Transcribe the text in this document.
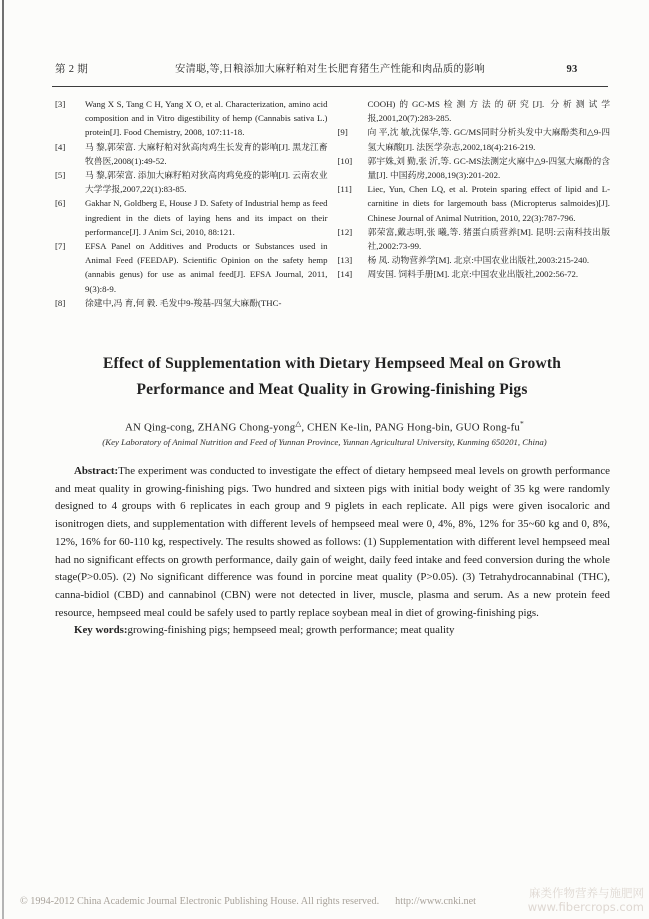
第 2 期	安清聪,等,日粮添加大麻籽粕对生长肥育猪生产性能和肉品质的影响	93
[3] Wang X S, Tang C H, Yang X O, et al. Characterization, amino acid composition and in Vitro digestibility of hemp (Cannabis sativa L.) protein[J]. Food Chemistry, 2008, 107:11-18.
[4] 马 黎,郭荣富. 大麻籽粕对狄高肉鸡生长发育的影响[J]. 黑龙江畜牧兽医,2008(1):49-52.
[5] 马 黎,郭荣富. 添加大麻籽粕对狄高肉鸡免疫的影响[J]. 云南农业大学学报,2007,22(1):83-85.
[6] Gakhar N, Goldberg E, House J D. Safety of Industrial hemp as feed ingredient in the diets of laying hens and its impact on their performance[J]. J Anim Sci, 2010, 88:121.
[7] EFSA Panel on Additives and Products or Substances used in Animal Feed (FEEDAP). Scientific Opinion on the safety hemp (annabis genus) for use as animal feed[J]. EFSA Journal, 2011, 9(3):8-9.
[8] 徐建中,冯 育,何 毅. 毛发中9-羧基-四氢大麻酚(THC-
COOH)的GC-MS检测方法的研究[J]. 分析测试学报,2001,20(7):283-285.
[9] 向 平,沈 敏,沈保华,等. GC/MS同时分析头发中大麻酚类和△9-四氢大麻酸[J]. 法医学杂志,2002,18(4):216-219.
[10] 郭宇姝,刘 勤,张 沂,等. GC-MS法测定火麻中△9-四氢大麻酚的含量[J]. 中国药房,2008,19(3):201-202.
[11] Liec, Yun, Chen LQ, et al. Protein sparing effect of lipid and L-carnitine in diets for largemouth bass (Micropterus salmoides)[J]. Chinese Journal of Animal Nutrition, 2010, 22(3):787-796.
[12] 郭荣富,戴志明,张 曦,等. 猪蛋白质营养[M]. 昆明:云南科技出版社,2002:73-99.
[13] 杨 凤. 动物营养学[M]. 北京:中国农业出版社,2003:215-240.
[14] 周安国. 饲料手册[M]. 北京:中国农业出版社,2002:56-72.
Effect of Supplementation with Dietary Hempseed Meal on Growth
Performance and Meat Quality in Growing-finishing Pigs
AN Qing-cong, ZHANG Chong-yong△, CHEN Ke-lin, PANG Hong-bin, GUO Rong-fu*
(Key Laboratory of Animal Nutrition and Feed of Yunnan Province, Yunnan Agricultural University, Kunming 650201, China)

Abstract:The experiment was conducted to investigate the effect of dietary hempseed meal levels on growth performance and meat quality in growing-finishing pigs. Two hundred and sixteen pigs with initial body weight of 35 kg were randomly designed to 4 groups with 6 replicates in each group and 9 piglets in each replicate. All pigs were given isocaloric and isonitrogen diets, and supplementation with different levels of hempseed meal were 0, 4%, 8%, 12% for 35~60 kg and 0, 8%, 12%, 16% for 60-110 kg, respectively. The results showed as follows: (1) Supplementation with different level hempseed meal had no significant effects on growth performance, daily gain of weight, daily feed intake and feed conversion during the whole stage(P>0.05). (2) No significant difference was found in porcine meat quality (P>0.05). (3) Tetrahydrocannabinal (THC), canna-bidiol (CBD) and cannabinol (CBN) were not detected in liver, muscle, plasma and serum. As a new protein feed resource, hempseed meal could be safely used to partly replace soybean meal in diet of growing-finishing pigs.

Key words:growing-finishing pigs; hempseed meal; growth performance; meat quality

© 1994-2012 China Academic Journal Electronic Publishing House. All rights reserved. http://www.cnki.net
麻类作物营养与施肥网
www.fibercrops.com
